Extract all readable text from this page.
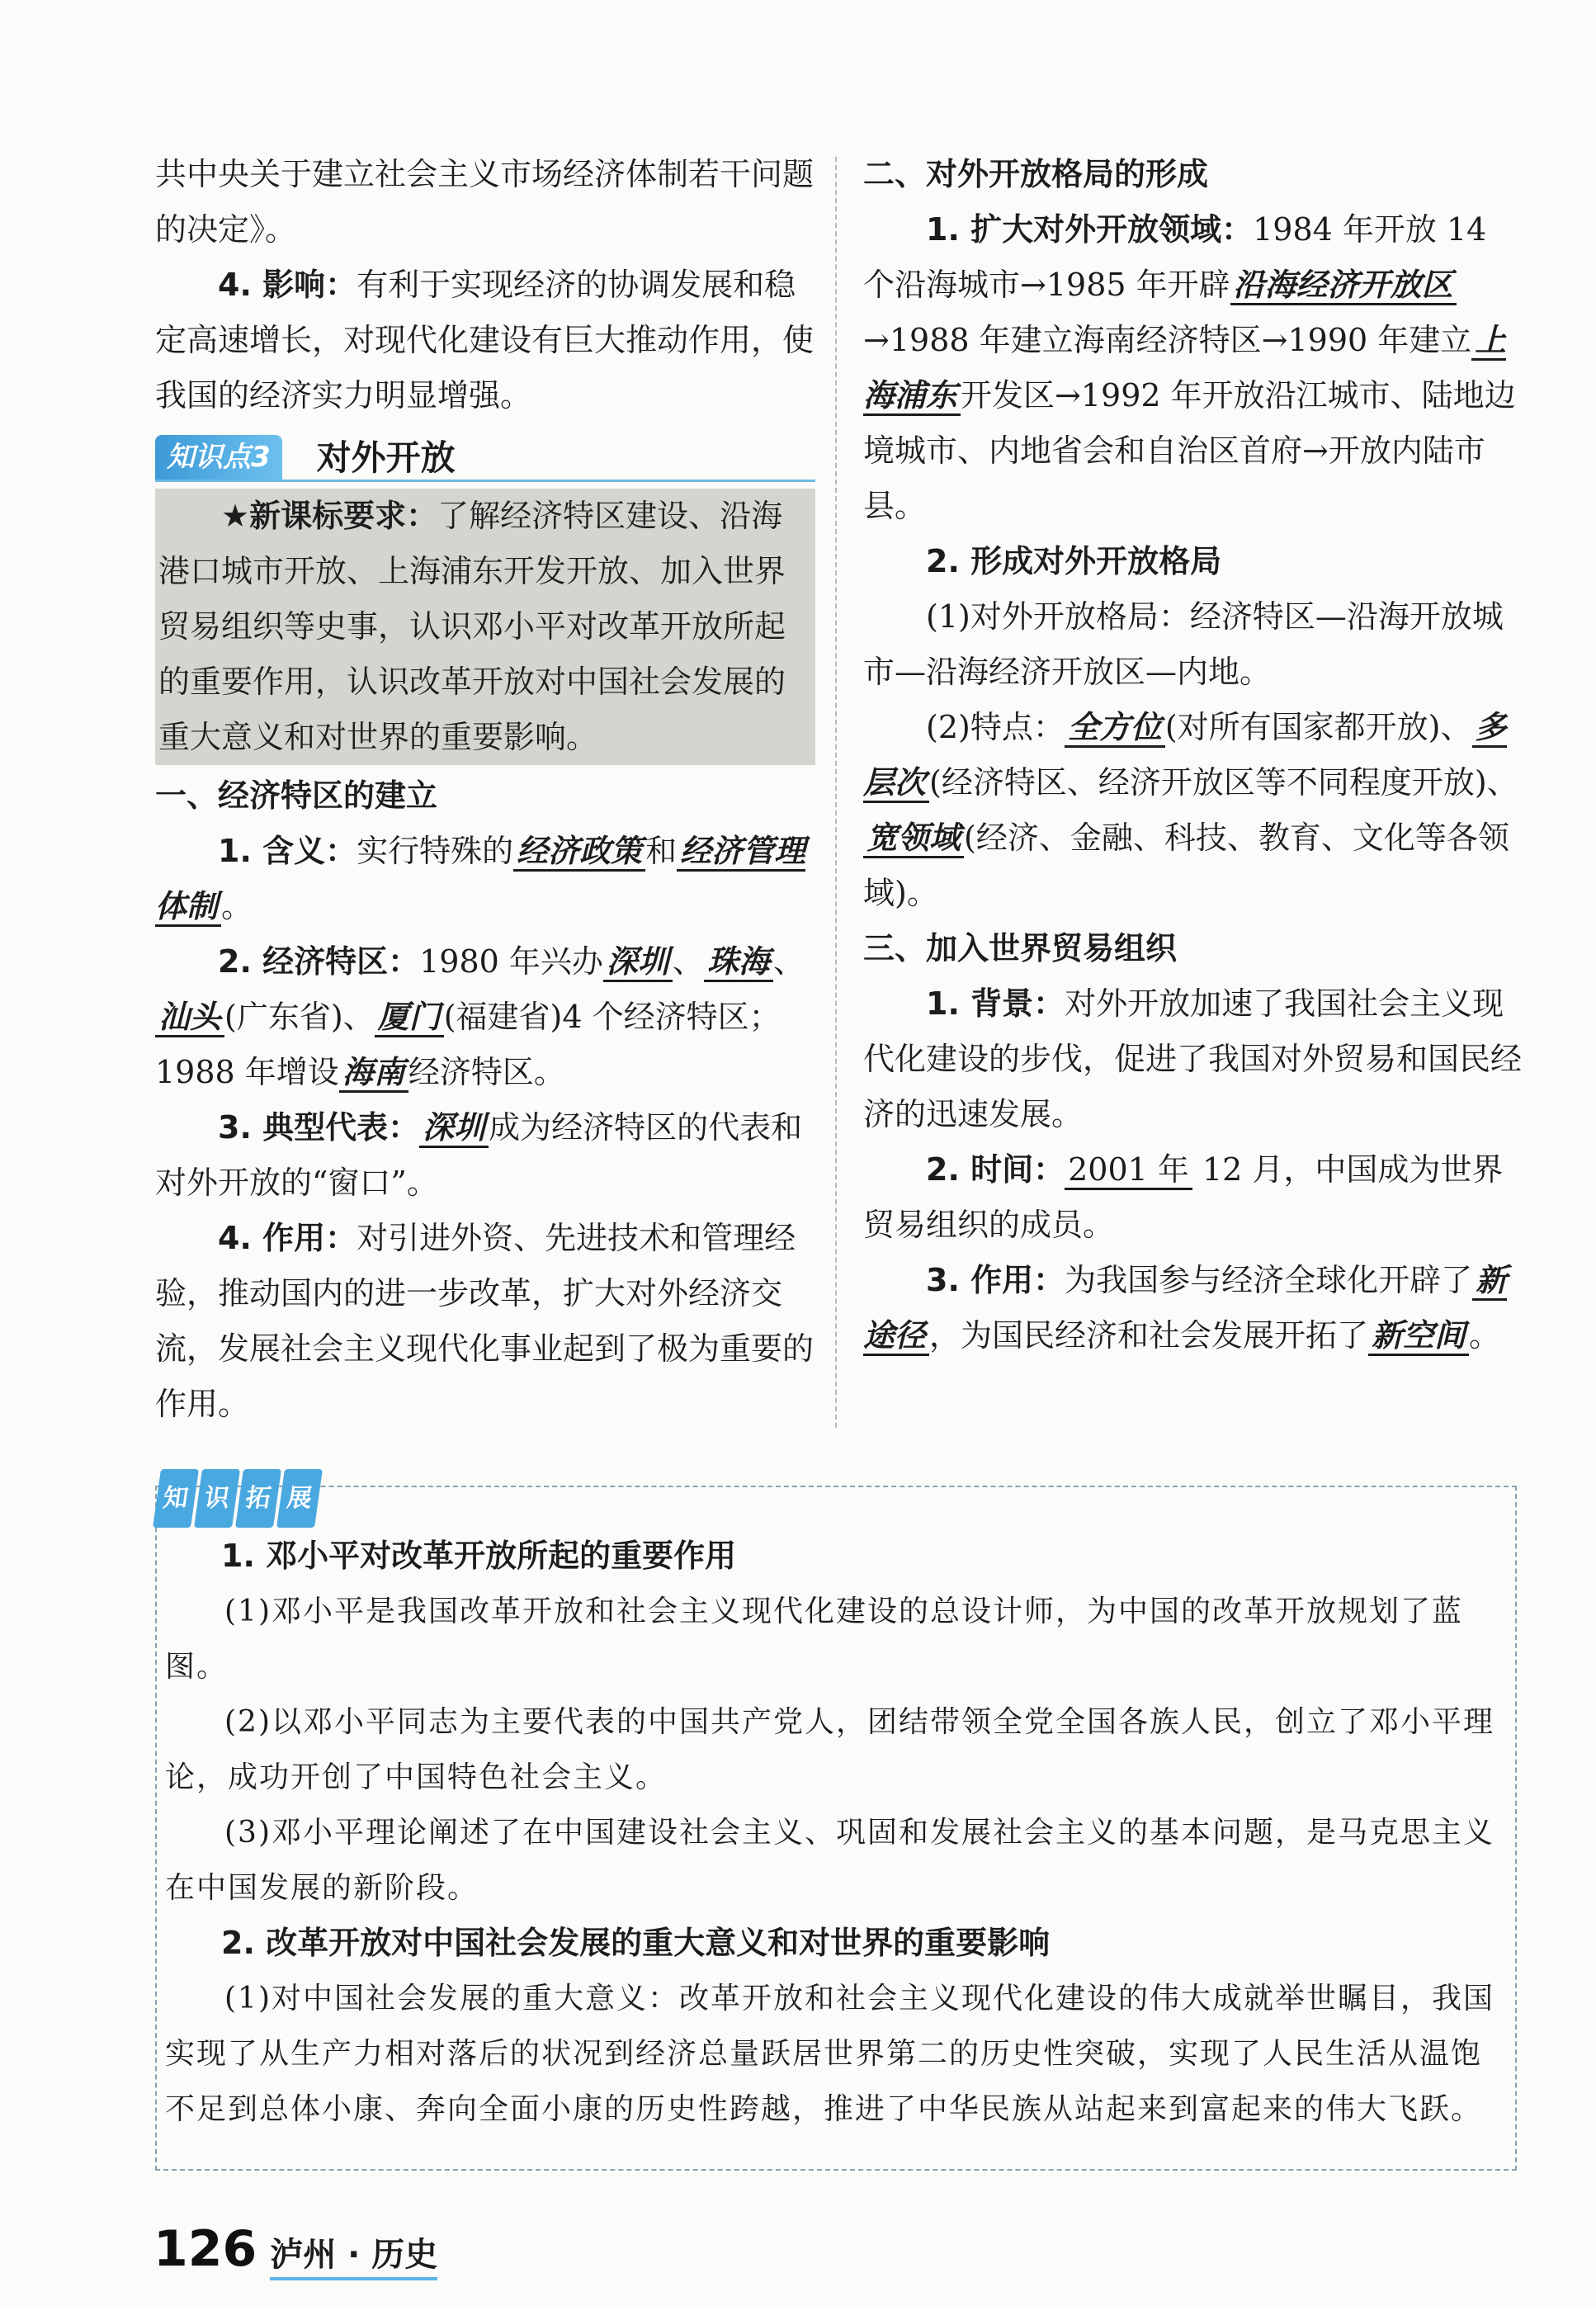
共中央关于建立社会主义市场经济体制若干问题的决定》。

4. 影响：有利于实现经济的协调发展和稳定高速增长，对现代化建设有巨大推动作用，使我国的经济实力明显增强。

知识点3	对外开放

★新课标要求：了解经济特区建设、沿海港口城市开放、上海浦东开发开放、加入世界贸易组织等史事，认识邓小平对改革开放所起的重要作用，认识改革开放对中国社会发展的重大意义和对世界的重要影响。

一、经济特区的建立

1. 含义：实行特殊的 经济政策 和 经济管理体制 。

2. 经济特区：1980 年兴办 深圳 、 珠海 、汕头 (广东省)、 厦门 (福建省)4 个经济特区；1988 年增设 海南 经济特区。

3. 典型代表： 深圳 成为经济特区的代表和对外开放的“窗口”。

4. 作用：对引进外资、先进技术和管理经验，推动国内的进一步改革，扩大对外经济交流，发展社会主义现代化事业起到了极为重要的作用。

二、对外开放格局的形成

1. 扩大对外开放领域：1984 年开放 14 个沿海城市→1985 年开辟 沿海经济开放区→1988 年建立海南经济特区→1990 年建立 上海浦东 开发区→1992 年开放沿江城市、陆地边境城市、内地省会和自治区首府→开放内陆市县。

2. 形成对外开放格局

(1)对外开放格局：经济特区—沿海开放城市—沿海经济开放区—内地。

(2)特点： 全方位 (对所有国家都开放)、 多层次 (经济特区、经济开放区等不同程度开放)、宽领域 (经济、金融、科技、教育、文化等各领域)。

三、加入世界贸易组织

1. 背景：对外开放加速了我国社会主义现代化建设的步伐，促进了我国对外贸易和国民经济的迅速发展。

2. 时间： 2001 年 12 月，中国成为世界贸易组织的成员。

3. 作用：为我国参与经济全球化开辟了 新途径 ，为国民经济和社会发展开拓了 新空间 。

知 识 拓 展

1. 邓小平对改革开放所起的重要作用

(1)邓小平是我国改革开放和社会主义现代化建设的总设计师，为中国的改革开放规划了蓝图。

(2)以邓小平同志为主要代表的中国共产党人，团结带领全党全国各族人民，创立了邓小平理论，成功开创了中国特色社会主义。

(3)邓小平理论阐述了在中国建设社会主义、巩固和发展社会主义的基本问题，是马克思主义在中国发展的新阶段。

2. 改革开放对中国社会发展的重大意义和对世界的重要影响

(1)对中国社会发展的重大意义：改革开放和社会主义现代化建设的伟大成就举世瞩目，我国实现了从生产力相对落后的状况到经济总量跃居世界第二的历史性突破，实现了人民生活从温饱不足到总体小康、奔向全面小康的历史性跨越，推进了中华民族从站起来到富起来的伟大飞跃。

126 泸州 · 历史
